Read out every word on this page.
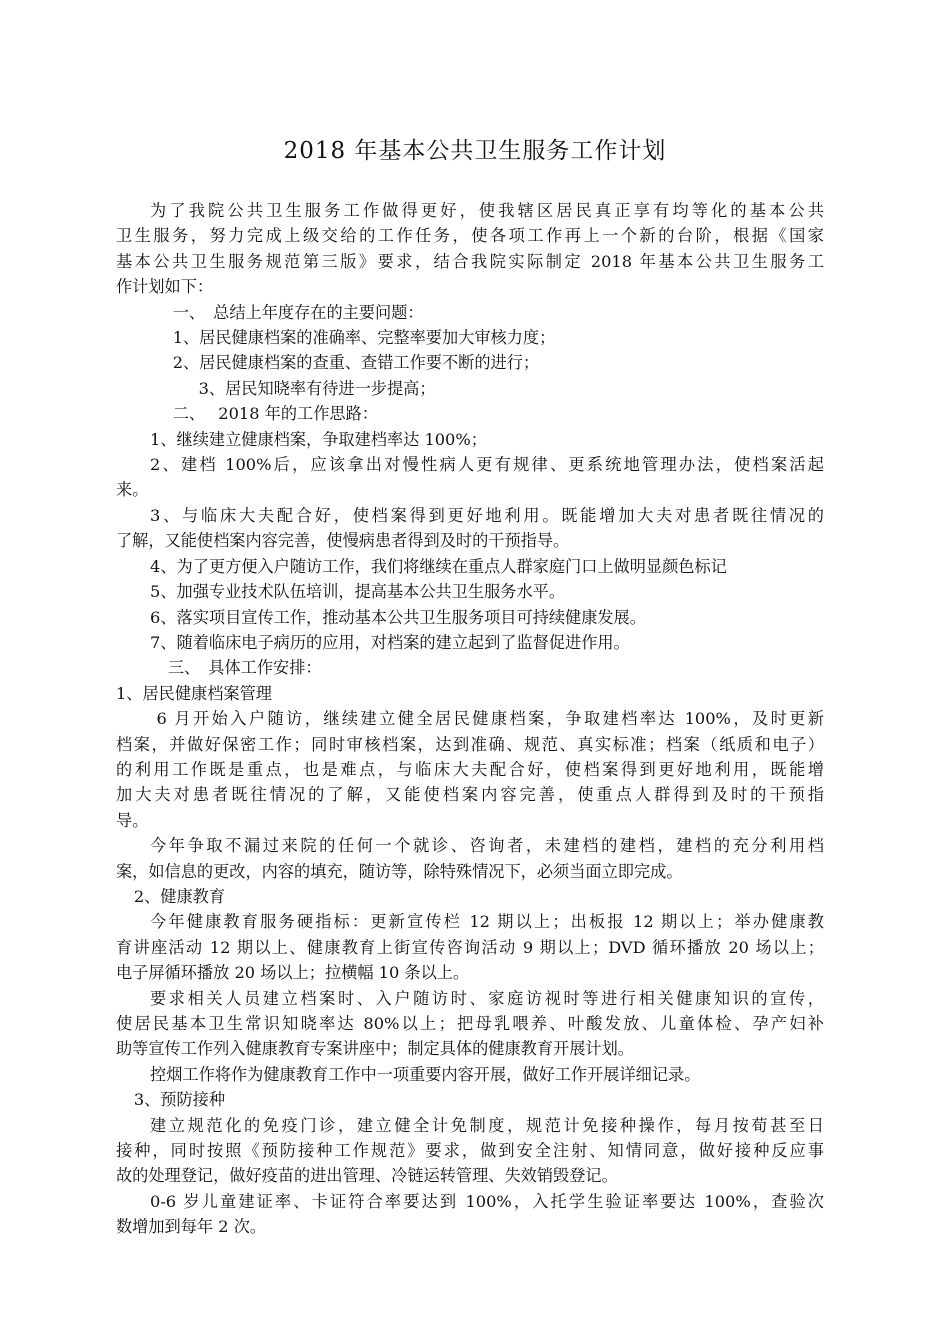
2018 年基本公共卫生服务工作计划

为了我院公共卫生服务工作做得更好，使我辖区居民真正享有均等化的基本公共

卫生服务，努力完成上级交给的工作任务，使各项工作再上一个新的台阶，根据《国家

基本公共卫生服务规范第三版》要求，结合我院实际制定 2018 年基本公共卫生服务工

作计划如下：

一、　总结上年度存在的主要问题：

1、居民健康档案的准确率、完整率要加大审核力度；

2、居民健康档案的查重、查错工作要不断的进行；

3、居民知晓率有待进一步提高；

二、　 2018 年的工作思路：

1、继续建立健康档案，争取建档率达 100%；

2、建档 100%后，应该拿出对慢性病人更有规律、更系统地管理办法，使档案活起

来。

3、与临床大夫配合好，使档案得到更好地利用。既能增加大夫对患者既往情况的

了解，又能使档案内容完善，使慢病患者得到及时的干预指导。

4、为了更方便入户随访工作，我们将继续在重点人群家庭门口上做明显颜色标记

5、加强专业技术队伍培训，提高基本公共卫生服务水平。

6、落实项目宣传工作，推动基本公共卫生服务项目可持续健康发展。

7、随着临床电子病历的应用，对档案的建立起到了监督促进作用。

三、　具体工作安排：

1、居民健康档案管理

6 月开始入户随访，继续建立健全居民健康档案，争取建档率达 100%，及时更新

档案，并做好保密工作；同时审核档案，达到准确、规范、真实标准；档案（纸质和电子）

的利用工作既是重点，也是难点，与临床大夫配合好，使档案得到更好地利用，既能增

加大夫对患者既往情况的了解，又能使档案内容完善，使重点人群得到及时的干预指

导。

今年争取不漏过来院的任何一个就诊、咨询者，未建档的建档，建档的充分利用档

案，如信息的更改，内容的填充，随访等，除特殊情况下，必须当面立即完成。

2、健康教育

今年健康教育服务硬指标：更新宣传栏 12 期以上；出板报 12 期以上；举办健康教

育讲座活动 12 期以上、健康教育上街宣传咨询活动 9 期以上；DVD 循环播放 20 场以上；

电子屏循环播放 20 场以上；拉横幅 10 条以上。

要求相关人员建立档案时、入户随访时、家庭访视时等进行相关健康知识的宣传，

使居民基本卫生常识知晓率达 80%以上；把母乳喂养、叶酸发放、儿童体检、孕产妇补

助等宣传工作列入健康教育专案讲座中；制定具体的健康教育开展计划。

控烟工作将作为健康教育工作中一项重要内容开展，做好工作开展详细记录。

3、预防接种

建立规范化的免疫门诊，建立健全计免制度，规范计免接种操作，每月按荀甚至日

接种，同时按照《预防接种工作规范》要求，做到安全注射、知情同意，做好接种反应事

故的处理登记，做好疫苗的进出管理、冷链运转管理、失效销毁登记。

0-6 岁儿童建证率、卡证符合率要达到 100%，入托学生验证率要达 100%，查验次

数增加到每年 2 次。
